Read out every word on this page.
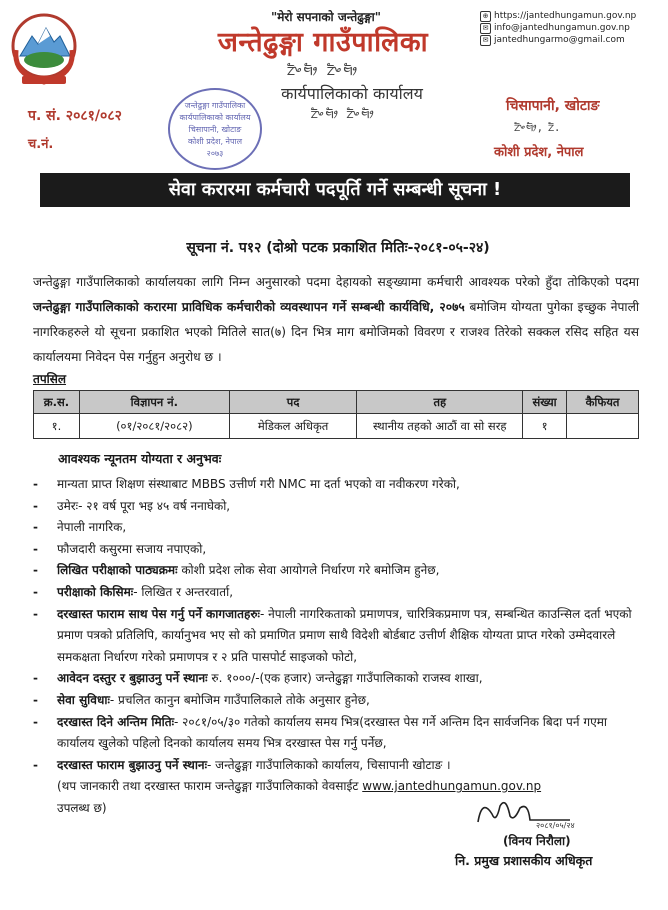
"मेरो सपनाको जन्तेढुङ्गा"
जन्तेढुङ्गा गाउँपालिका
ᤁᤠᤴᤗᤥ ᤁᤠᤴᤗᤥ
कार्यपालिकाको कार्यालय
ᤁᤠᤴᤗᤥ ᤁᤠᤴᤗᤥ
⊕ https://jantedhungamun.gov.np
✉ info@jantedhungamun.gov.np
✉ jantedhungarmo@gmail.com
प. सं. २०८१/०८२
च.नं.
चिसापानी, खोटाङ
ᤁᤠᤴᤗᤥ, ᤁᤠ.
कोशी प्रदेश, नेपाल
जन्तेढुङ्गा गाउँपालिका
कार्यपालिकाको कार्यालय
चिसापानी, खोटाङ
कोशी प्रदेश, नेपाल
२०७३
सेवा करारमा कर्मचारी पदपूर्ति गर्ने सम्बन्धी सूचना !
सूचना नं. प१२ (दोश्रो पटक प्रकाशित मितिः-२०८१-०५-२४)
जन्तेढुङ्गा गाउँपालिकाको कार्यालयका लागि निम्न अनुसारको पदमा देहायको सङ्ख्यामा कर्मचारी आवश्यक परेको हुँदा तोकिएको पदमा जन्तेढुङ्गा गाउँपालिकाको करारमा प्राविधिक कर्मचारीको व्यवस्थापन गर्ने सम्बन्धी कार्यविधि, २०७५ बमोजिम योग्यता पुगेका इच्छुक नेपाली नागरिकहरुले यो सूचना प्रकाशित भएको मितिले सात(७) दिन भित्र माग बमोजिमको विवरण र राजश्व तिरेको सक्कल रसिद सहित यस कार्यालयमा निवेदन पेस गर्नुहुन अनुरोध छ ।
तपसिल
क्र.स.	विज्ञापन नं.	पद	तह	संख्या	कैफियत
१.	(०१/२०८१/२०८२)	मेडिकल अधिकृत	स्थानीय तहको आठौं वा सो सरह	१	
आवश्यक न्यूनतम योग्यता र अनुभवः
-	मान्यता प्राप्त शिक्षण संस्थाबाट MBBS उत्तीर्ण गरी NMC मा दर्ता भएको वा नवीकरण गरेको,
-	उमेरः- २१ वर्ष पूरा भइ ४५ वर्ष ननाघेको,
-	नेपाली नागरिक,
-	फौजदारी कसुरमा सजाय नपाएको,
-	लिखित परीक्षाको पाठ्यक्रमः कोशी प्रदेश लोक सेवा आयोगले निर्धारण गरे बमोजिम हुनेछ,
-	परीक्षाको किसिमः- लिखित र अन्तरवार्ता,
-	दरखास्त फाराम साथ पेस गर्नु पर्ने कागजातहरुः- नेपाली नागरिकताको प्रमाणपत्र, चारित्रिकप्रमाण पत्र, सम्बन्धित काउन्सिल दर्ता भएको प्रमाण पत्रको प्रतिलिपि, कार्यानुभव भए सो को प्रमाणित प्रमाण साथै विदेशी बोर्डबाट उत्तीर्ण शैक्षिक योग्यता प्राप्त गरेको उम्मेदवारले समकक्षता निर्धारण गरेको प्रमाणपत्र र २ प्रति पासपोर्ट साइजको फोटो,
-	आवेदन दस्तुर र बुझाउनु पर्ने स्थानः रु. १०००/-(एक हजार) जन्तेढुङ्गा गाउँपालिकाको राजस्व शाखा,
-	सेवा सुविधाः- प्रचलित कानुन बमोजिम गाउँपालिकाले तोके अनुसार हुनेछ,
-	दरखास्त दिने अन्तिम मितिः- २०८१/०५/३० गतेको कार्यालय समय भित्र(दरखास्त पेस गर्ने अन्तिम दिन सार्वजनिक बिदा पर्न गएमा कार्यालय खुलेको पहिलो दिनको कार्यालय समय भित्र दरखास्त पेस गर्नु पर्नेछ,
-	दरखास्त फाराम बुझाउनु पर्ने स्थानः- जन्तेढुङ्गा गाउँपालिकाको कार्यालय, चिसापानी खोटाङ ।
(थप जानकारी तथा दरखास्त फाराम जन्तेढुङ्गा गाउँपालिकाको वेवसाईट www.jantedhungamun.gov.np
उपलब्ध छ)
२०८१/०५/२४
(विनय निरौला)
नि. प्रमुख प्रशासकीय अधिकृत
